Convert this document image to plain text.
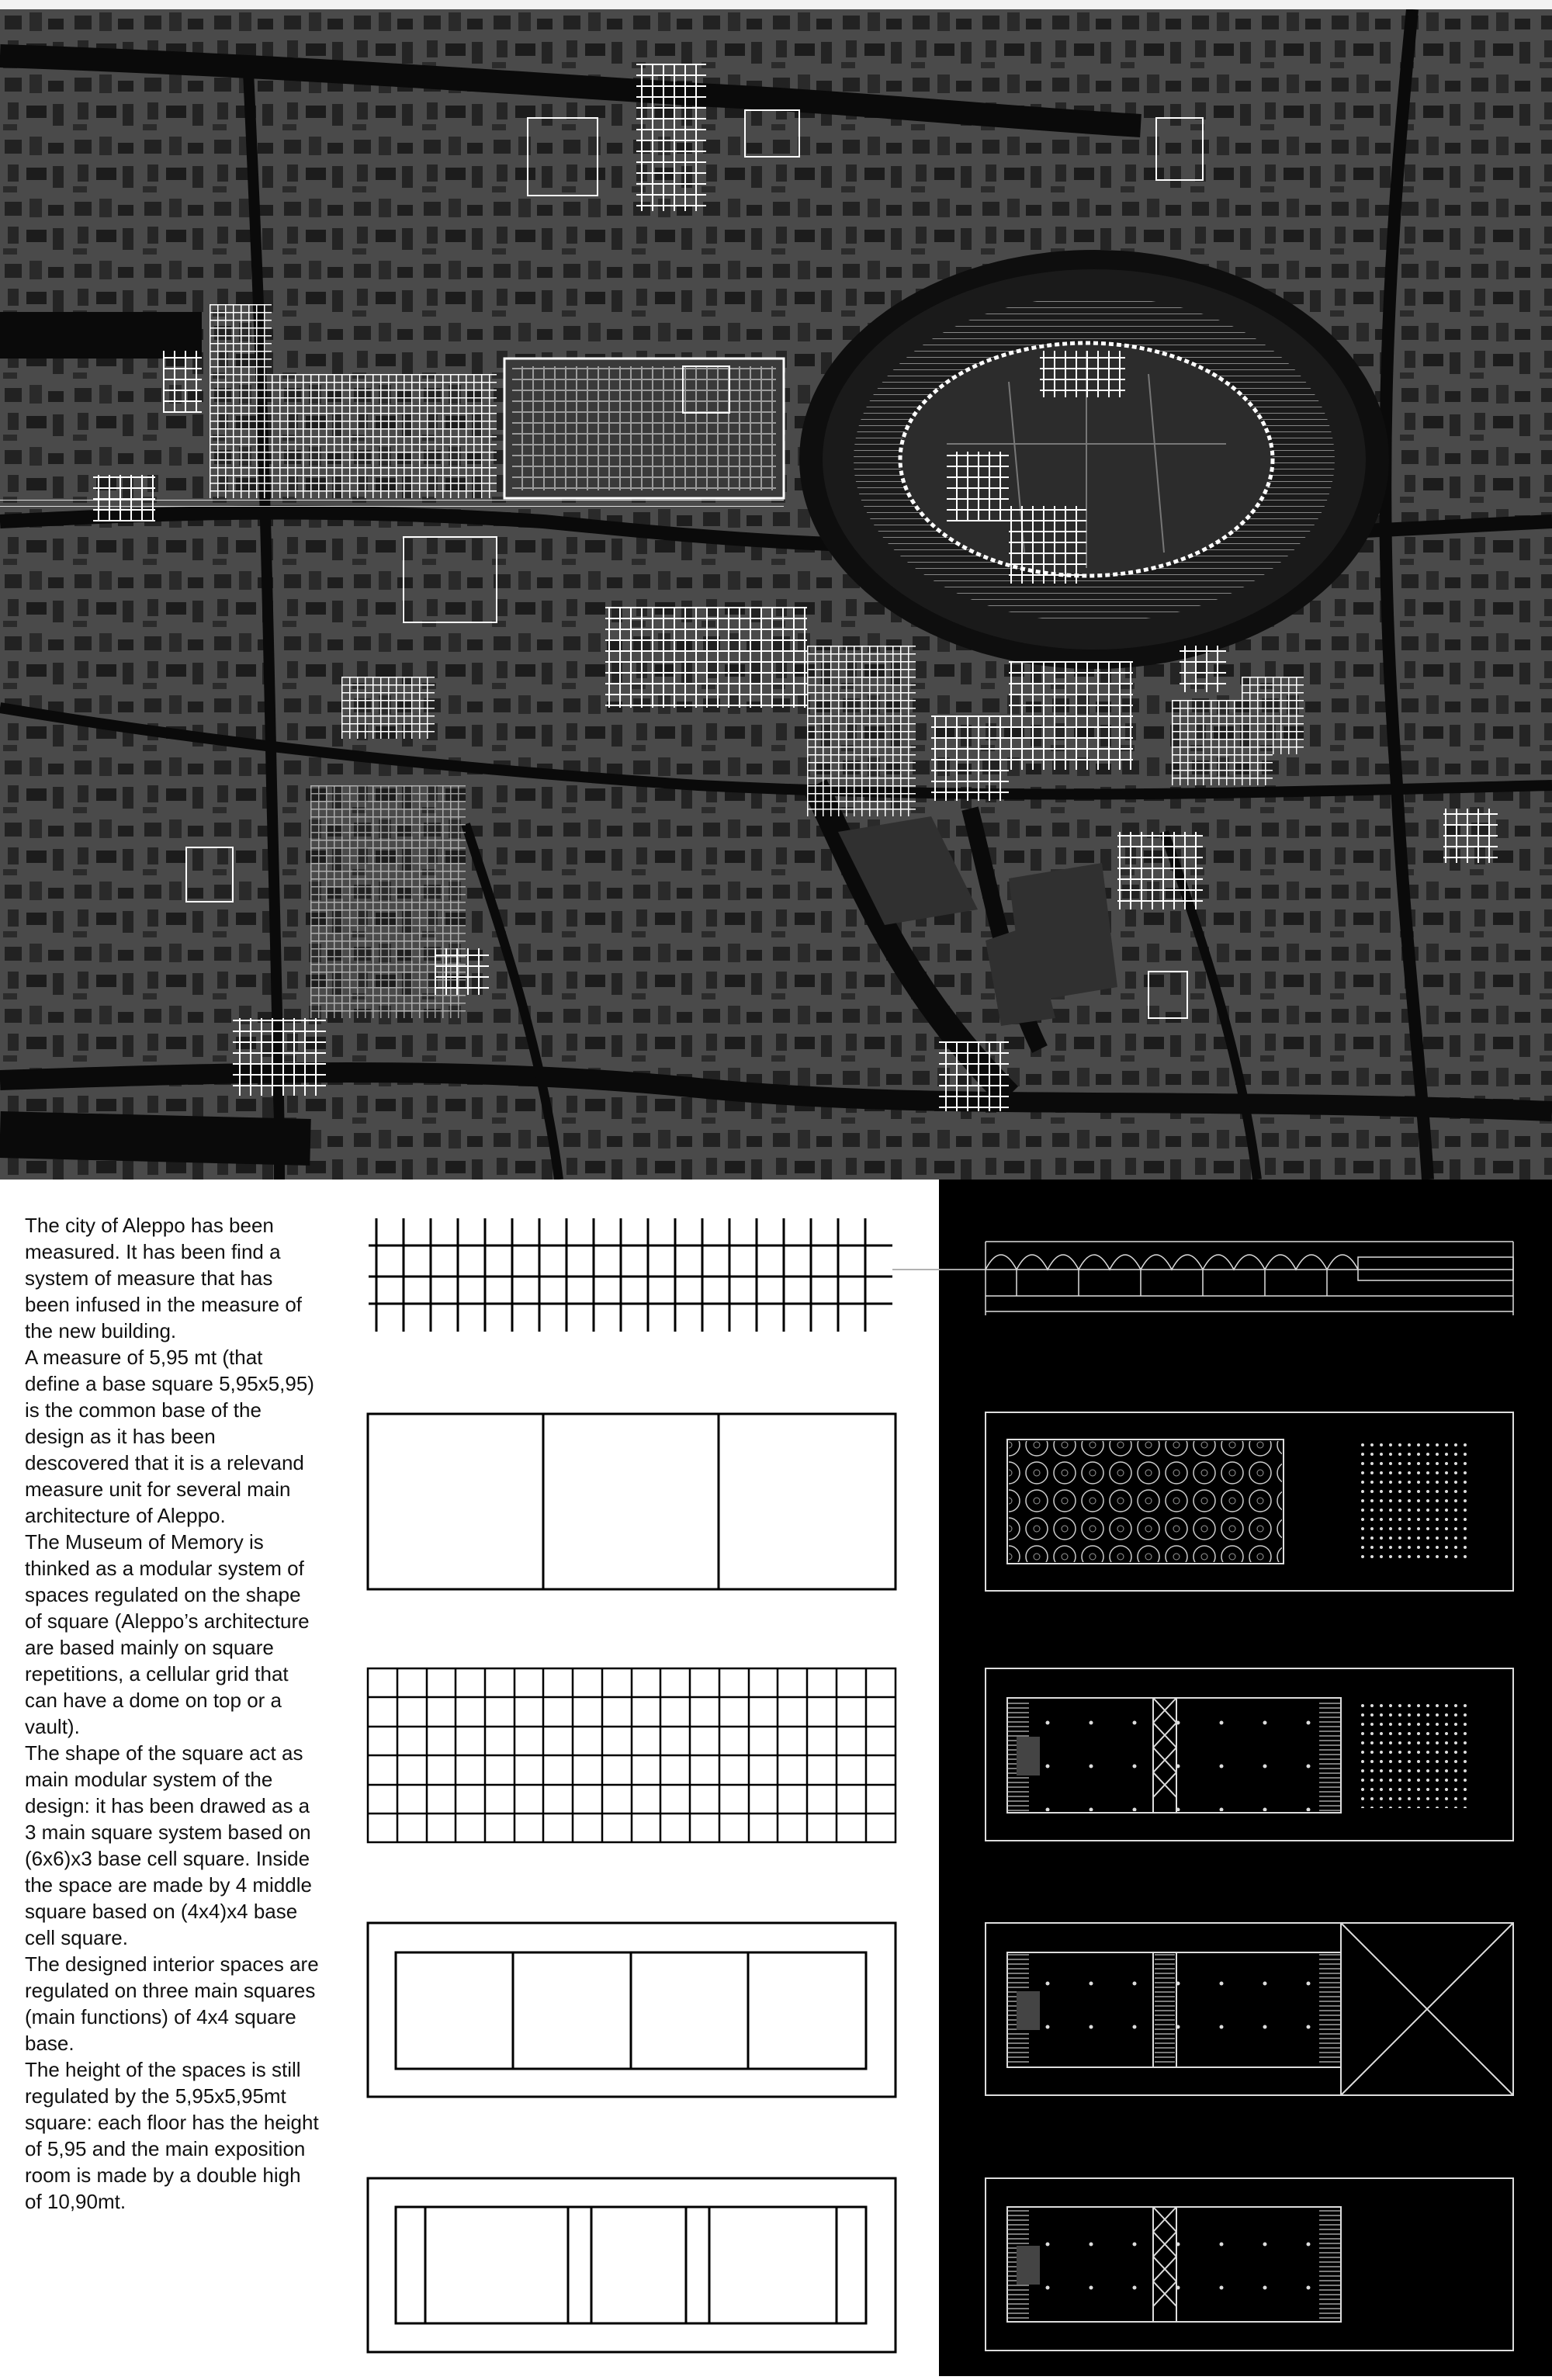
The city of Aleppo has been measured. It has been find a system of measure that has been infused in the measure of the new building.

A measure of 5,95 mt (that define a base square 5,95x5,95) is the common base of the design as it has been descovered that it is a relevand measure unit for several main architecture of Aleppo.

The Museum of Memory is thinked as a modular system of spaces regulated on the shape of square (Aleppo’s architecture are based mainly on square repetitions, a cellular grid that can have a dome on top or a vault).

The shape of the square act as main modular system of the design: it has been drawed as a 3 main square system based on (6x6)x3 base cell square. Inside the space are made by 4 middle square based on (4x4)x4 base cell square.

The designed interior spaces are regulated on three main squares (main functions) of 4x4 square base.

The height of the spaces is still regulated by the 5,95x5,95mt square: each floor has the height of 5,95 and the main exposition room is made by a double high of 10,90mt.
